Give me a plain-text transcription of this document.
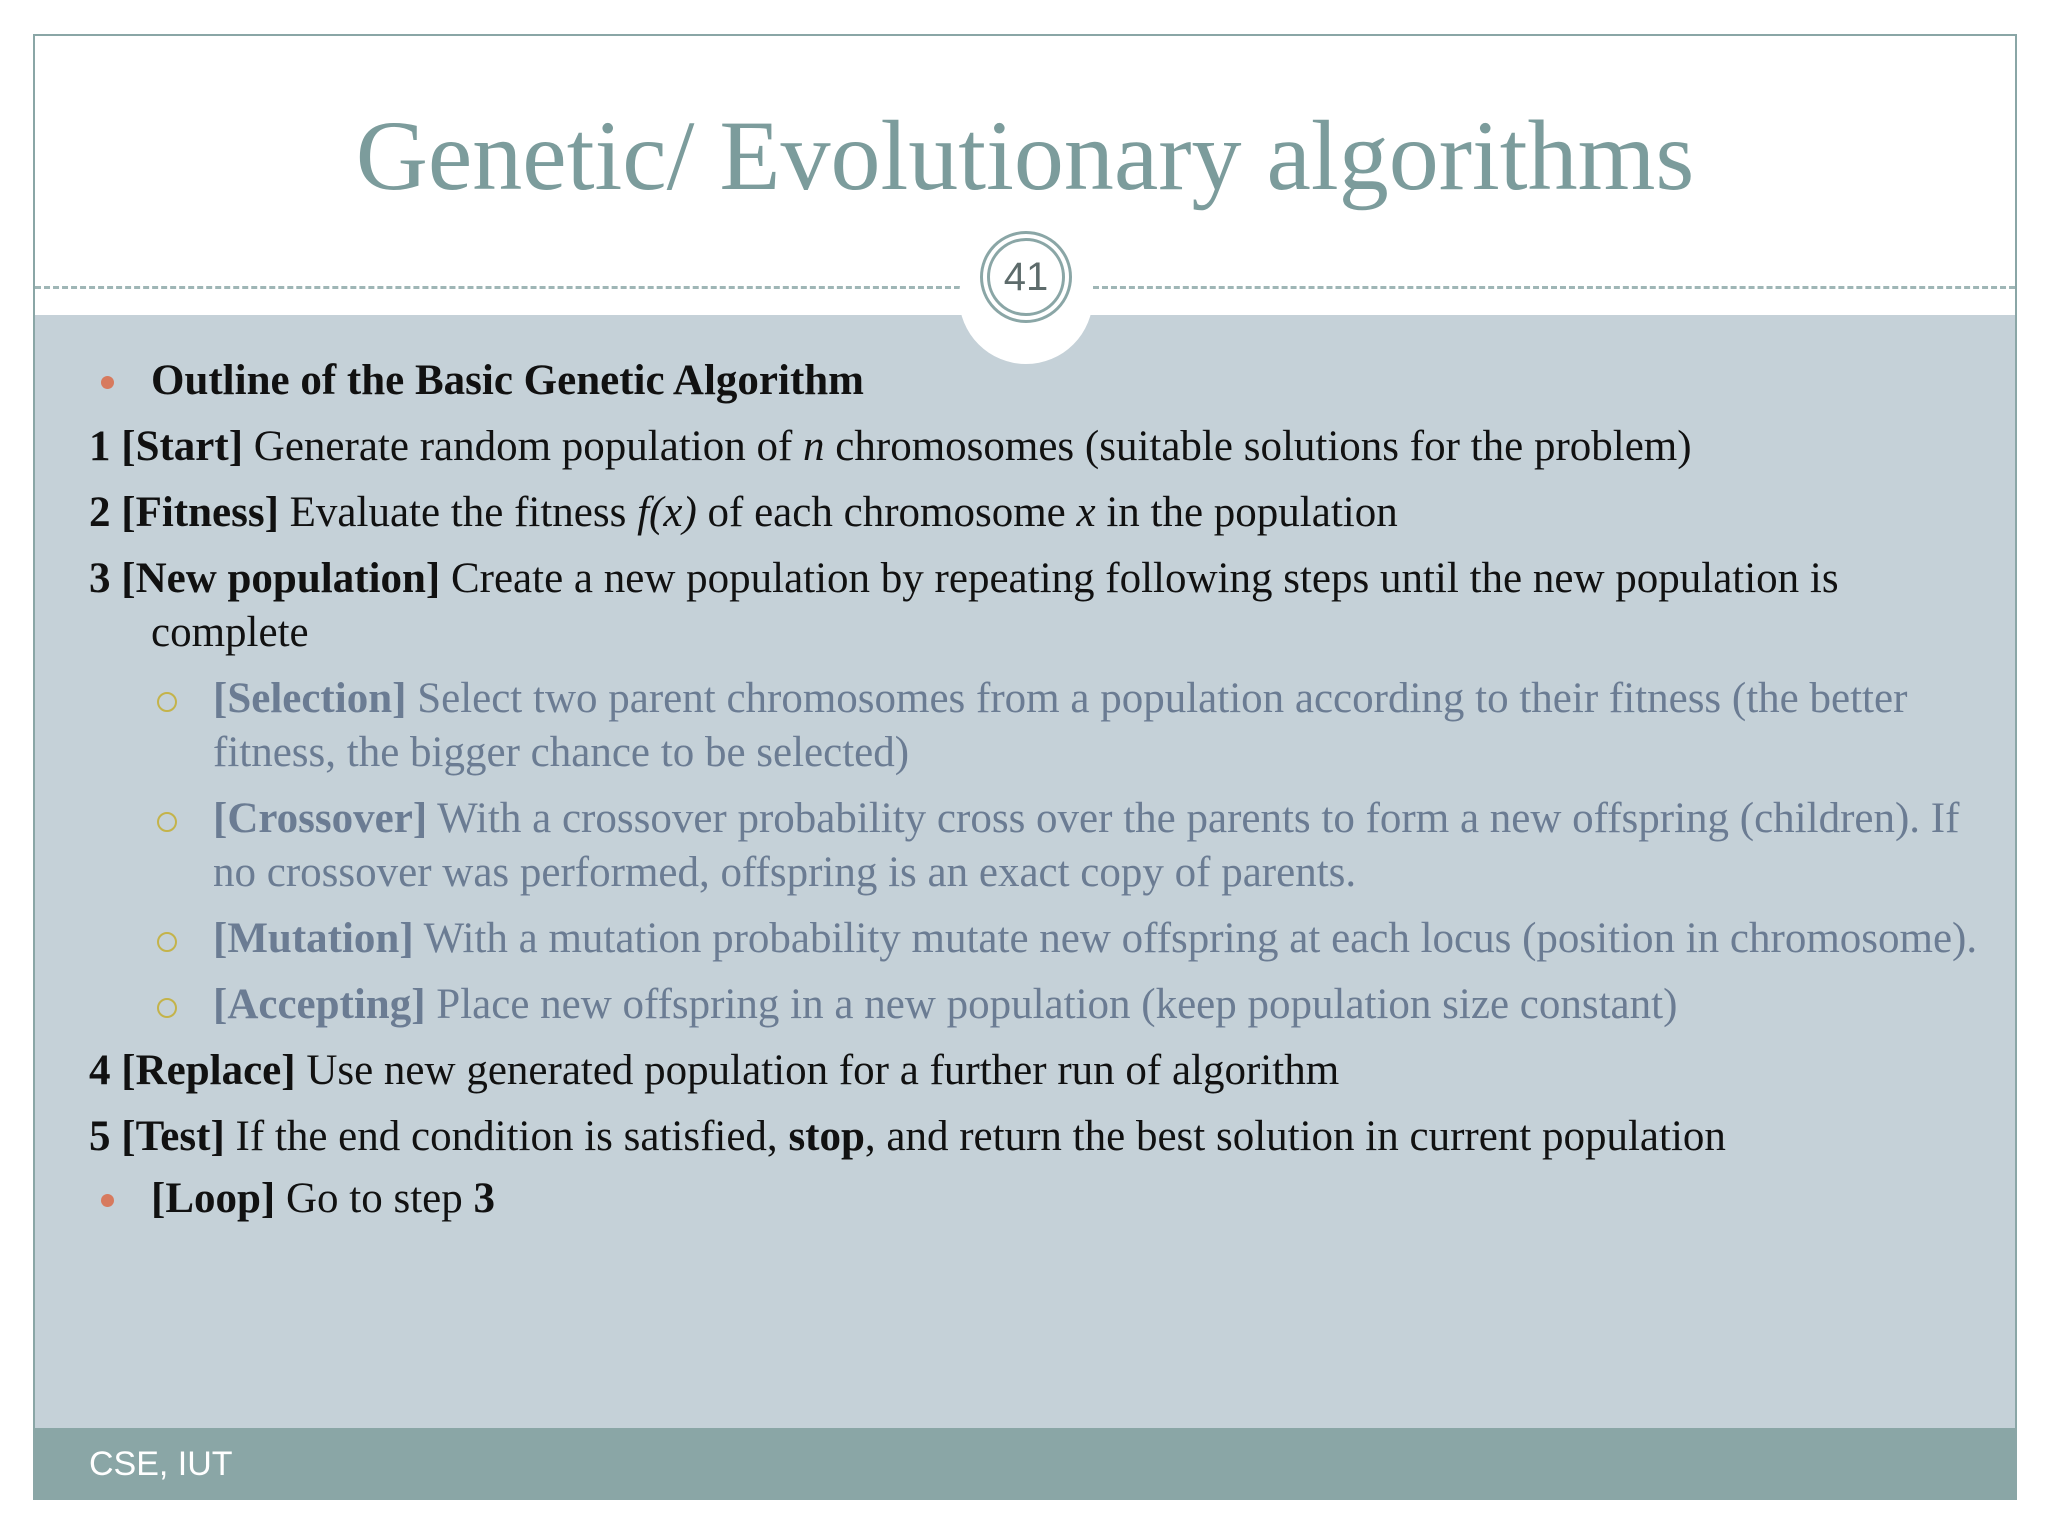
Genetic/ Evolutionary algorithms
41
Outline of the Basic Genetic Algorithm
1 [Start] Generate random population of n chromosomes (suitable solutions for the problem)
2 [Fitness] Evaluate the fitness f(x) of each chromosome x in the population
3 [New population] Create a new population by repeating following steps until the new population is complete
[Selection] Select two parent chromosomes from a population according to their fitness (the better fitness, the bigger chance to be selected)
[Crossover] With a crossover probability cross over the parents to form a new offspring (children). If no crossover was performed, offspring is an exact copy of parents.
[Mutation] With a mutation probability mutate new offspring at each locus (position in chromosome).
[Accepting] Place new offspring in a new population (keep population size constant)
4 [Replace] Use new generated population for a further run of algorithm
5 [Test] If the end condition is satisfied, stop, and return the best solution in current population
[Loop] Go to step 3
CSE, IUT
